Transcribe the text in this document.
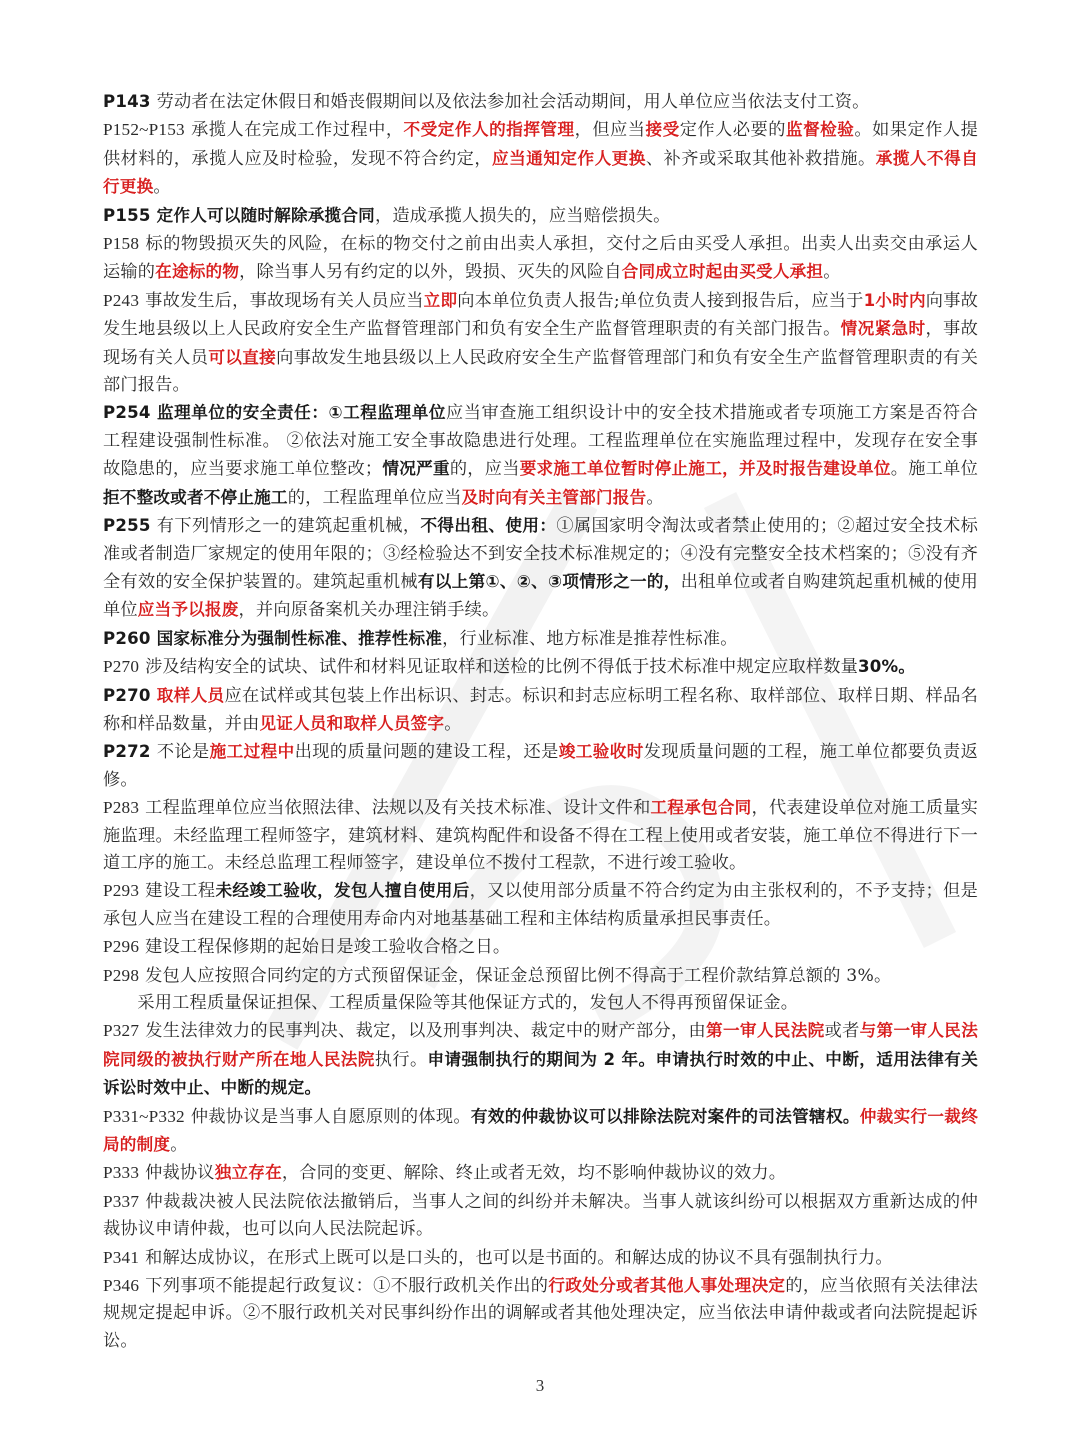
P143 劳动者在法定休假日和婚丧假期间以及依法参加社会活动期间，用人单位应当依法支付工资。

P152~P153 承揽人在完成工作过程中，不受定作人的指挥管理，但应当接受定作人必要的监督检验。如果定作人提供材料的，承揽人应及时检验，发现不符合约定，应当通知定作人更换、补齐或采取其他补救措施。承揽人不得自行更换。

P155 定作人可以随时解除承揽合同，造成承揽人损失的，应当赔偿损失。

P158 标的物毁损灭失的风险，在标的物交付之前由出卖人承担，交付之后由买受人承担。出卖人出卖交由承运人运输的在途标的物，除当事人另有约定的以外，毁损、灭失的风险自合同成立时起由买受人承担。

P243 事故发生后，事故现场有关人员应当立即向本单位负责人报告;单位负责人接到报告后，应当于1小时内向事故发生地县级以上人民政府安全生产监督管理部门和负有安全生产监督管理职责的有关部门报告。情况紧急时，事故现场有关人员可以直接向事故发生地县级以上人民政府安全生产监督管理部门和负有安全生产监督管理职责的有关部门报告。

P254 监理单位的安全责任：①工程监理单位应当审查施工组织设计中的安全技术措施或者专项施工方案是否符合工程建设强制性标准。 ②依法对施工安全事故隐患进行处理。工程监理单位在实施监理过程中，发现存在安全事故隐患的，应当要求施工单位整改；情况严重的，应当要求施工单位暂时停止施工，并及时报告建设单位。施工单位拒不整改或者不停止施工的，工程监理单位应当及时向有关主管部门报告。

P255 有下列情形之一的建筑起重机械，不得出租、使用：①属国家明令淘汰或者禁止使用的；②超过安全技术标准或者制造厂家规定的使用年限的；③经检验达不到安全技术标准规定的；④没有完整安全技术档案的；⑤没有齐全有效的安全保护装置的。建筑起重机械有以上第①、②、③项情形之一的，出租单位或者自购建筑起重机械的使用单位应当予以报废，并向原备案机关办理注销手续。

P260 国家标准分为强制性标准、推荐性标准，行业标准、地方标准是推荐性标准。

P270 涉及结构安全的试块、试件和材料见证取样和送检的比例不得低于技术标准中规定应取样数量30%。

P270 取样人员应在试样或其包装上作出标识、封志。标识和封志应标明工程名称、取样部位、取样日期、样品名称和样品数量，并由见证人员和取样人员签字。

P272 不论是施工过程中出现的质量问题的建设工程，还是竣工验收时发现质量问题的工程，施工单位都要负责返修。

P283 工程监理单位应当依照法律、法规以及有关技术标准、设计文件和工程承包合同，代表建设单位对施工质量实施监理。未经监理工程师签字，建筑材料、建筑构配件和设备不得在工程上使用或者安装，施工单位不得进行下一道工序的施工。未经总监理工程师签字，建设单位不拨付工程款，不进行竣工验收。

P293 建设工程未经竣工验收，发包人擅自使用后，又以使用部分质量不符合约定为由主张权利的，不予支持；但是承包人应当在建设工程的合理使用寿命内对地基基础工程和主体结构质量承担民事责任。

P296 建设工程保修期的起始日是竣工验收合格之日。

P298 发包人应按照合同约定的方式预留保证金，保证金总预留比例不得高于工程价款结算总额的 3%。

采用工程质量保证担保、工程质量保险等其他保证方式的，发包人不得再预留保证金。

P327 发生法律效力的民事判决、裁定，以及刑事判决、裁定中的财产部分，由第一审人民法院或者与第一审人民法院同级的被执行财产所在地人民法院执行。申请强制执行的期间为 2 年。申请执行时效的中止、中断，适用法律有关诉讼时效中止、中断的规定。

P331~P332 仲裁协议是当事人自愿原则的体现。有效的仲裁协议可以排除法院对案件的司法管辖权。仲裁实行一裁终局的制度。

P333 仲裁协议独立存在，合同的变更、解除、终止或者无效，均不影响仲裁协议的效力。

P337 仲裁裁决被人民法院依法撤销后，当事人之间的纠纷并未解决。当事人就该纠纷可以根据双方重新达成的仲裁协议申请仲裁，也可以向人民法院起诉。

P341 和解达成协议，在形式上既可以是口头的，也可以是书面的。和解达成的协议不具有强制执行力。

P346 下列事项不能提起行政复议：①不服行政机关作出的行政处分或者其他人事处理决定的，应当依照有关法律法规规定提起申诉。②不服行政机关对民事纠纷作出的调解或者其他处理决定，应当依法申请仲裁或者向法院提起诉讼。

3
